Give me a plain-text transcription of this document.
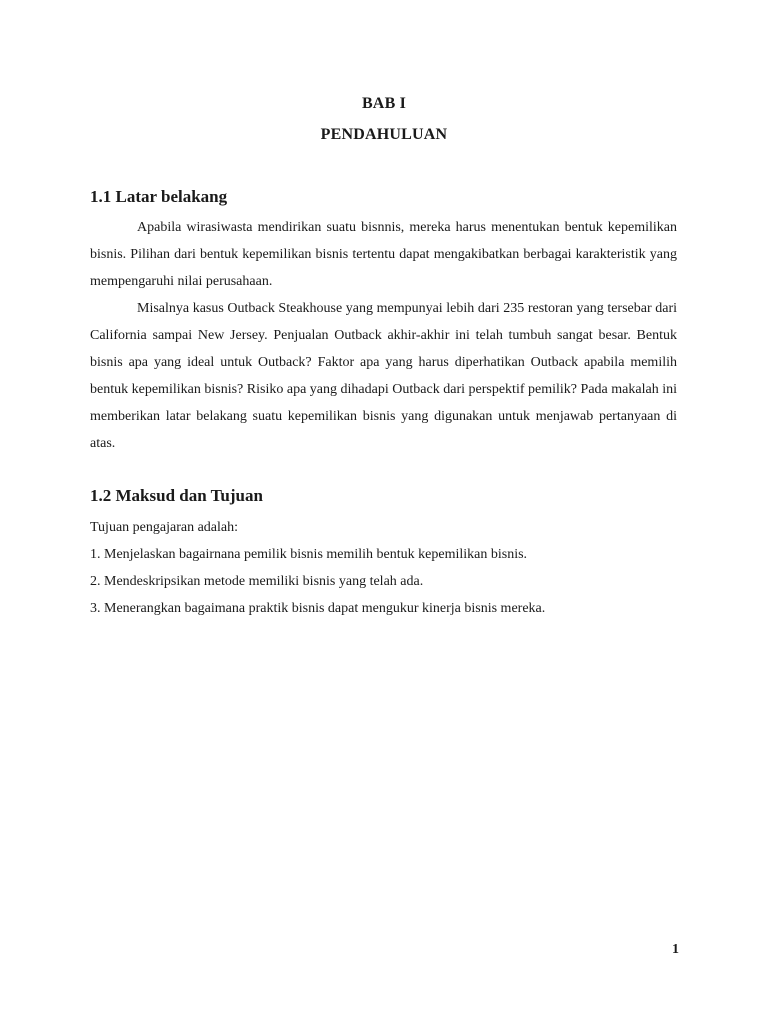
BAB I
PENDAHULUAN
1.1 Latar belakang

Apabila wirasiwasta mendirikan suatu bisnnis, mereka harus menentukan bentuk kepemilikan bisnis. Pilihan dari bentuk kepemilikan bisnis tertentu dapat mengakibatkan berbagai karakteristik yang mempengaruhi nilai perusahaan.

Misalnya kasus Outback Steakhouse yang mempunyai lebih dari 235 restoran yang tersebar dari California sampai New Jersey. Penjualan Outback akhir-akhir ini telah tumbuh sangat besar. Bentuk bisnis apa yang ideal untuk Outback? Faktor apa yang harus diperhatikan Outback apabila memilih bentuk kepemilikan bisnis? Risiko apa yang dihadapi Outback dari perspektif pemilik? Pada makalah ini memberikan latar belakang suatu kepemilikan bisnis yang digunakan untuk menjawab pertanyaan di atas.

1.2 Maksud dan Tujuan

Tujuan pengajaran adalah:

1. Menjelaskan bagairnana pemilik bisnis memilih bentuk kepemilikan bisnis.

2. Mendeskripsikan metode memiliki bisnis yang telah ada.

3. Menerangkan bagaimana praktik bisnis dapat mengukur kinerja bisnis mereka.

1
